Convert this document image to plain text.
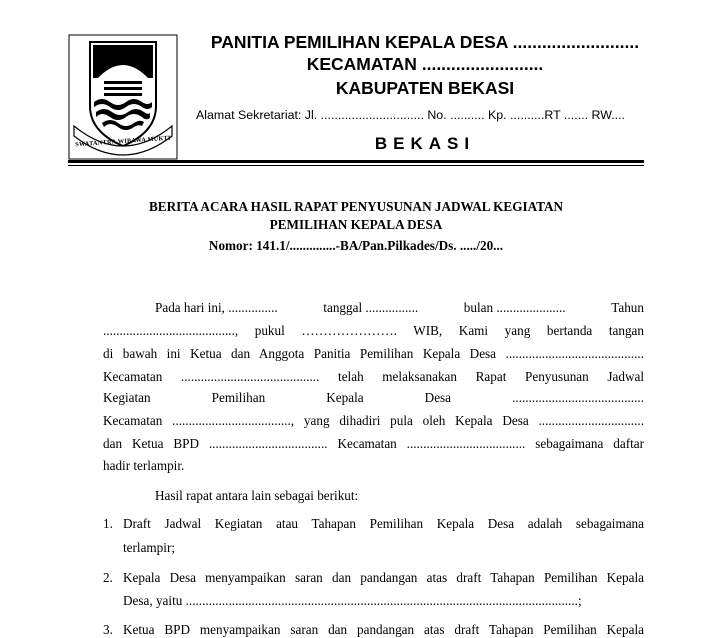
SWATANTRA WIBAWA MUKTI
PANITIA PEMILIHAN KEPALA DESA ..........................
KECAMATAN .........................
KABUPATEN BEKASI
Alamat Sekretariat: Jl. .............................. No. .......... Kp. ..........RT ....... RW....
BEKASI
BERITA ACARA HASIL RAPAT PENYUSUNAN JADWAL KEGIATAN
PEMILIHAN KEPALA DESA
Nomor: 141.1/..............-BA/Pan.Pilkades/Ds. ...../20...
Pada hari ini, ...............	tanggal ................	bulan .....................	Tahun
........................................, pukul …………………. WIB, Kami yang bertanda tangan
di bawah ini Ketua dan Anggota Panitia Pemilihan Kepala Desa ..........................................
Kecamatan .......................................... telah melaksanakan Rapat Penyusunan Jadwal
Kegiatan Pemilihan Kepala Desa ........................................
Kecamatan ...................................., yang dihadiri pula oleh Kepala Desa ................................
dan Ketua BPD .................................... Kecamatan .................................... sebagaimana daftar
hadir terlampir.
Hasil rapat antara lain sebagai berikut:
1. Draft Jadwal Kegiatan atau Tahapan Pemilihan Kepala Desa adalah sebagaimana
terlampir;
2. Kepala Desa menyampaikan saran dan pandangan atas draft Tahapan Pemilihan Kepala
Desa, yaitu .......................................................................................................................;
3. Ketua BPD menyampaikan saran dan pandangan atas draft Tahapan Pemilihan Kepala
